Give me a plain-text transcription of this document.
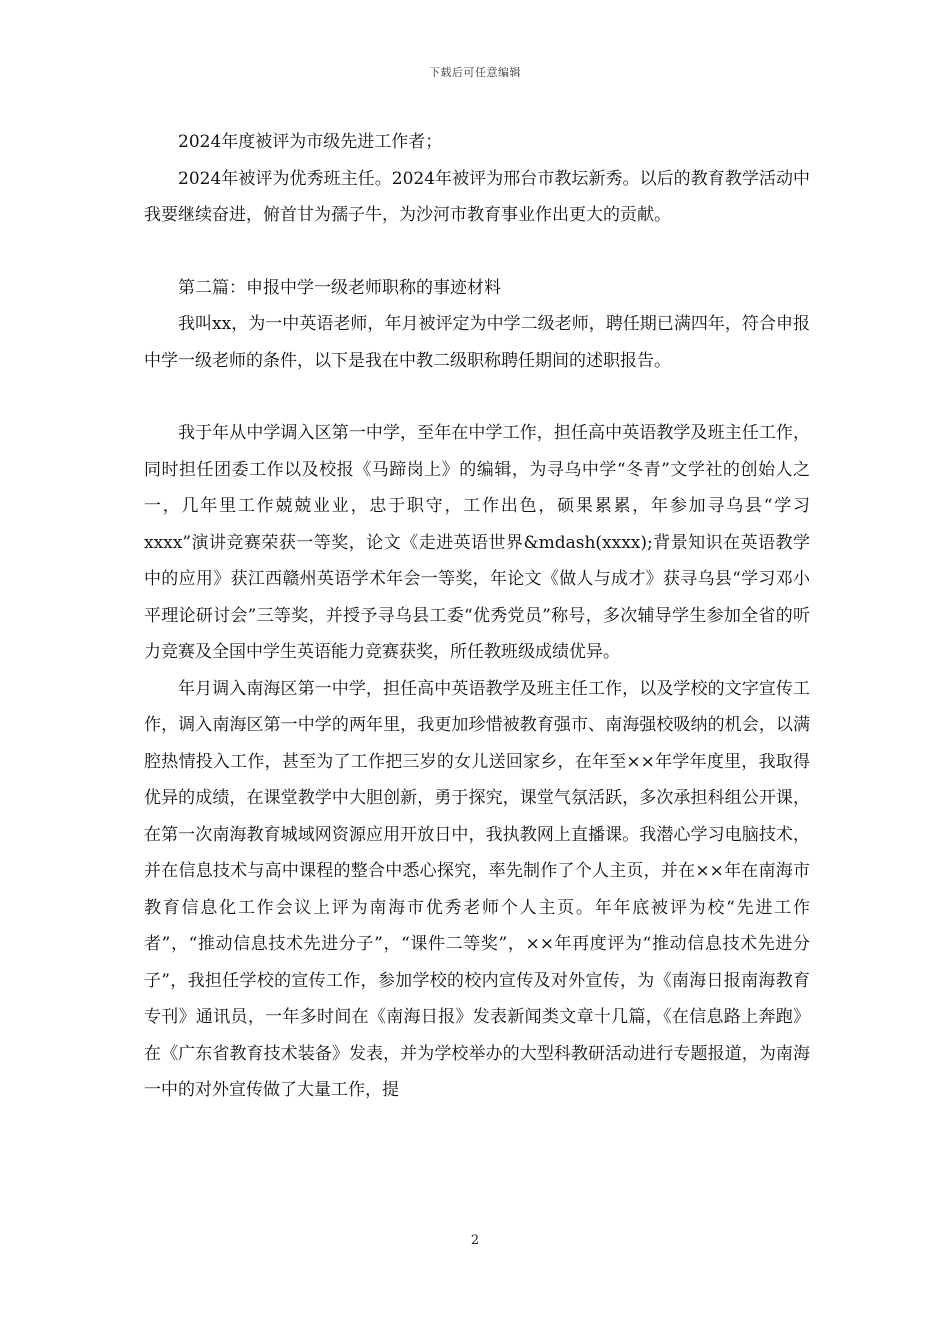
下载后可任意编辑

2024年度被评为市级先进工作者；

2024年被评为优秀班主任。2024年被评为邢台市教坛新秀。以后的教育教学活动中我要继续奋进，俯首甘为孺子牛，为沙河市教育事业作出更大的贡献。

第二篇：申报中学一级老师职称的事迹材料

我叫xx，为一中英语老师，年月被评定为中学二级老师，聘任期已满四年，符合申报中学一级老师的条件，以下是我在中教二级职称聘任期间的述职报告。

我于年从中学调入区第一中学，至年在中学工作，担任高中英语教学及班主任工作，同时担任团委工作以及校报《马蹄岗上》的编辑，为寻乌中学“冬青”文学社的创始人之一，几年里工作兢兢业业，忠于职守，工作出色，硕果累累，年参加寻乌县“学习xxxx”演讲竞赛荣获一等奖，论文《走进英语世界&mdash(xxxx);背景知识在英语教学中的应用》获江西赣州英语学术年会一等奖，年论文《做人与成才》获寻乌县“学习邓小平理论研讨会”三等奖，并授予寻乌县工委“优秀党员”称号，多次辅导学生参加全省的听力竞赛及全国中学生英语能力竞赛获奖，所任教班级成绩优异。

年月调入南海区第一中学，担任高中英语教学及班主任工作，以及学校的文字宣传工作，调入南海区第一中学的两年里，我更加珍惜被教育强市、南海强校吸纳的机会，以满腔热情投入工作，甚至为了工作把三岁的女儿送回家乡，在年至××年学年度里，我取得优异的成绩，在课堂教学中大胆创新，勇于探究，课堂气氛活跃，多次承担科组公开课，在第一次南海教育城域网资源应用开放日中，我执教网上直播课。我潜心学习电脑技术，并在信息技术与高中课程的整合中悉心探究，率先制作了个人主页，并在××年在南海市教育信息化工作会议上评为南海市优秀老师个人主页。年年底被评为校“先进工作者”，“推动信息技术先进分子”，“课件二等奖”，××年再度评为“推动信息技术先进分子”，我担任学校的宣传工作，参加学校的校内宣传及对外宣传，为《南海日报南海教育专刊》通讯员，一年多时间在《南海日报》发表新闻类文章十几篇，《在信息路上奔跑》在《广东省教育技术装备》发表，并为学校举办的大型科教研活动进行专题报道，为南海一中的对外宣传做了大量工作，提

2
